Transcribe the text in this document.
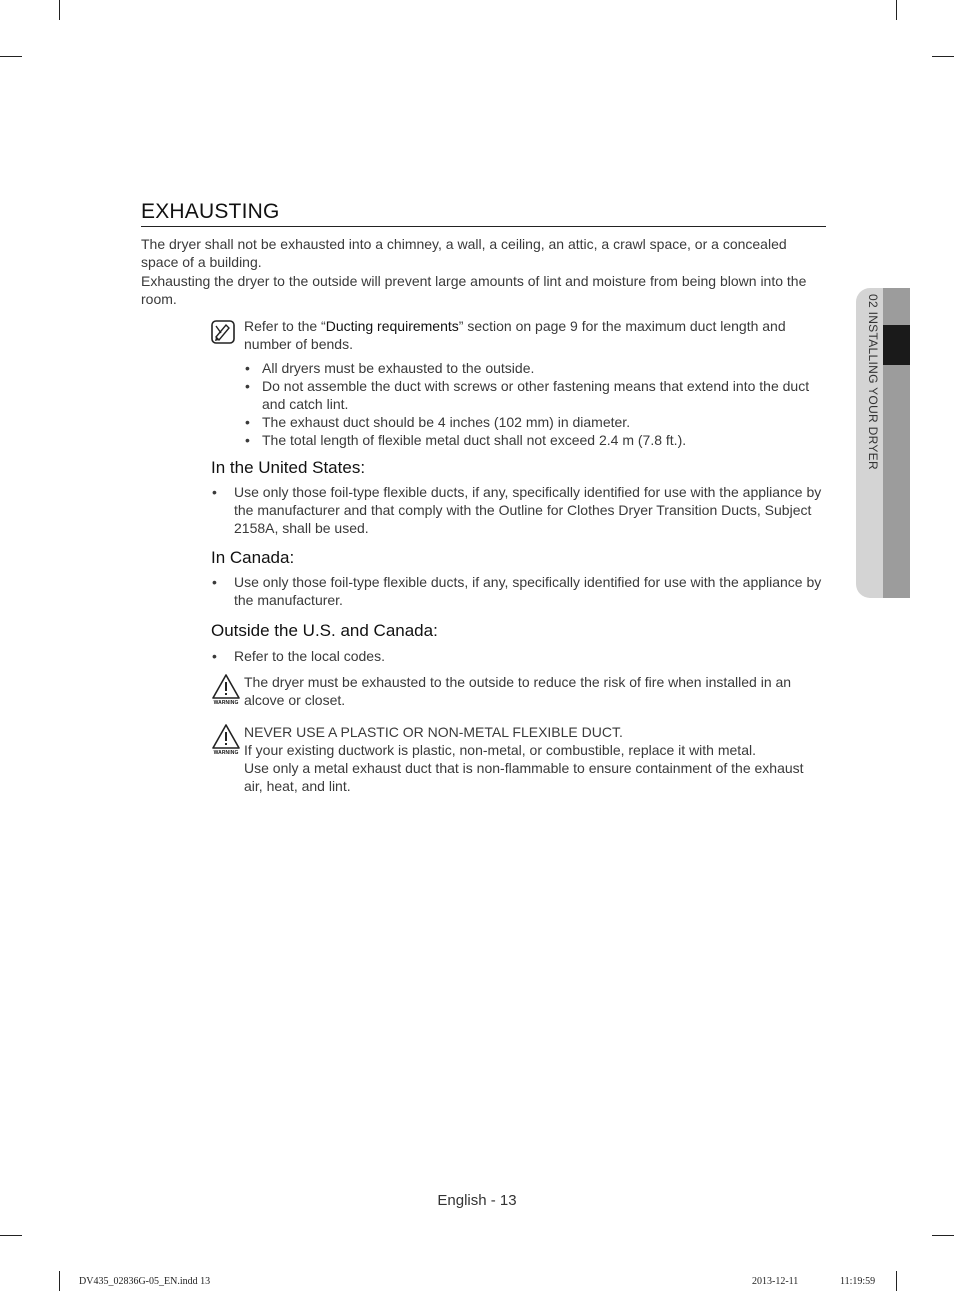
EXHAUSTING

The dryer shall not be exhausted into a chimney, a wall, a ceiling, an attic, a crawl space, or a concealed space of a building.

Exhausting the dryer to the outside will prevent large amounts of lint and moisture from being blown into the room.

Refer to the “Ducting requirements” section on page 9 for the maximum duct length and number of bends.
• All dryers must be exhausted to the outside.
• Do not assemble the duct with screws or other fastening means that extend into the duct and catch lint.
• The exhaust duct should be 4 inches (102 mm) in diameter.
• The total length of flexible metal duct shall not exceed 2.4 m (7.8 ft.).
In the United States:
• Use only those foil-type flexible ducts, if any, specifically identified for use with the appliance by the manufacturer and that comply with the Outline for Clothes Dryer Transition Ducts, Subject 2158A, shall be used.
In Canada:
• Use only those foil-type flexible ducts, if any, specifically identified for use with the appliance by the manufacturer.
Outside the U.S. and Canada:
• Refer to the local codes.
WARNING
The dryer must be exhausted to the outside to reduce the risk of fire when installed in an alcove or closet.
WARNING
NEVER USE A PLASTIC OR NON-METAL FLEXIBLE DUCT.
If your existing ductwork is plastic, non-metal, or combustible, replace it with metal.
Use only a metal exhaust duct that is non-flammable to ensure containment of the exhaust air, heat, and lint.
02 INSTALLING YOUR DRYER
English - 13
DV435_02836G-05_EN.indd 13	2013-12-11	11:19:59
